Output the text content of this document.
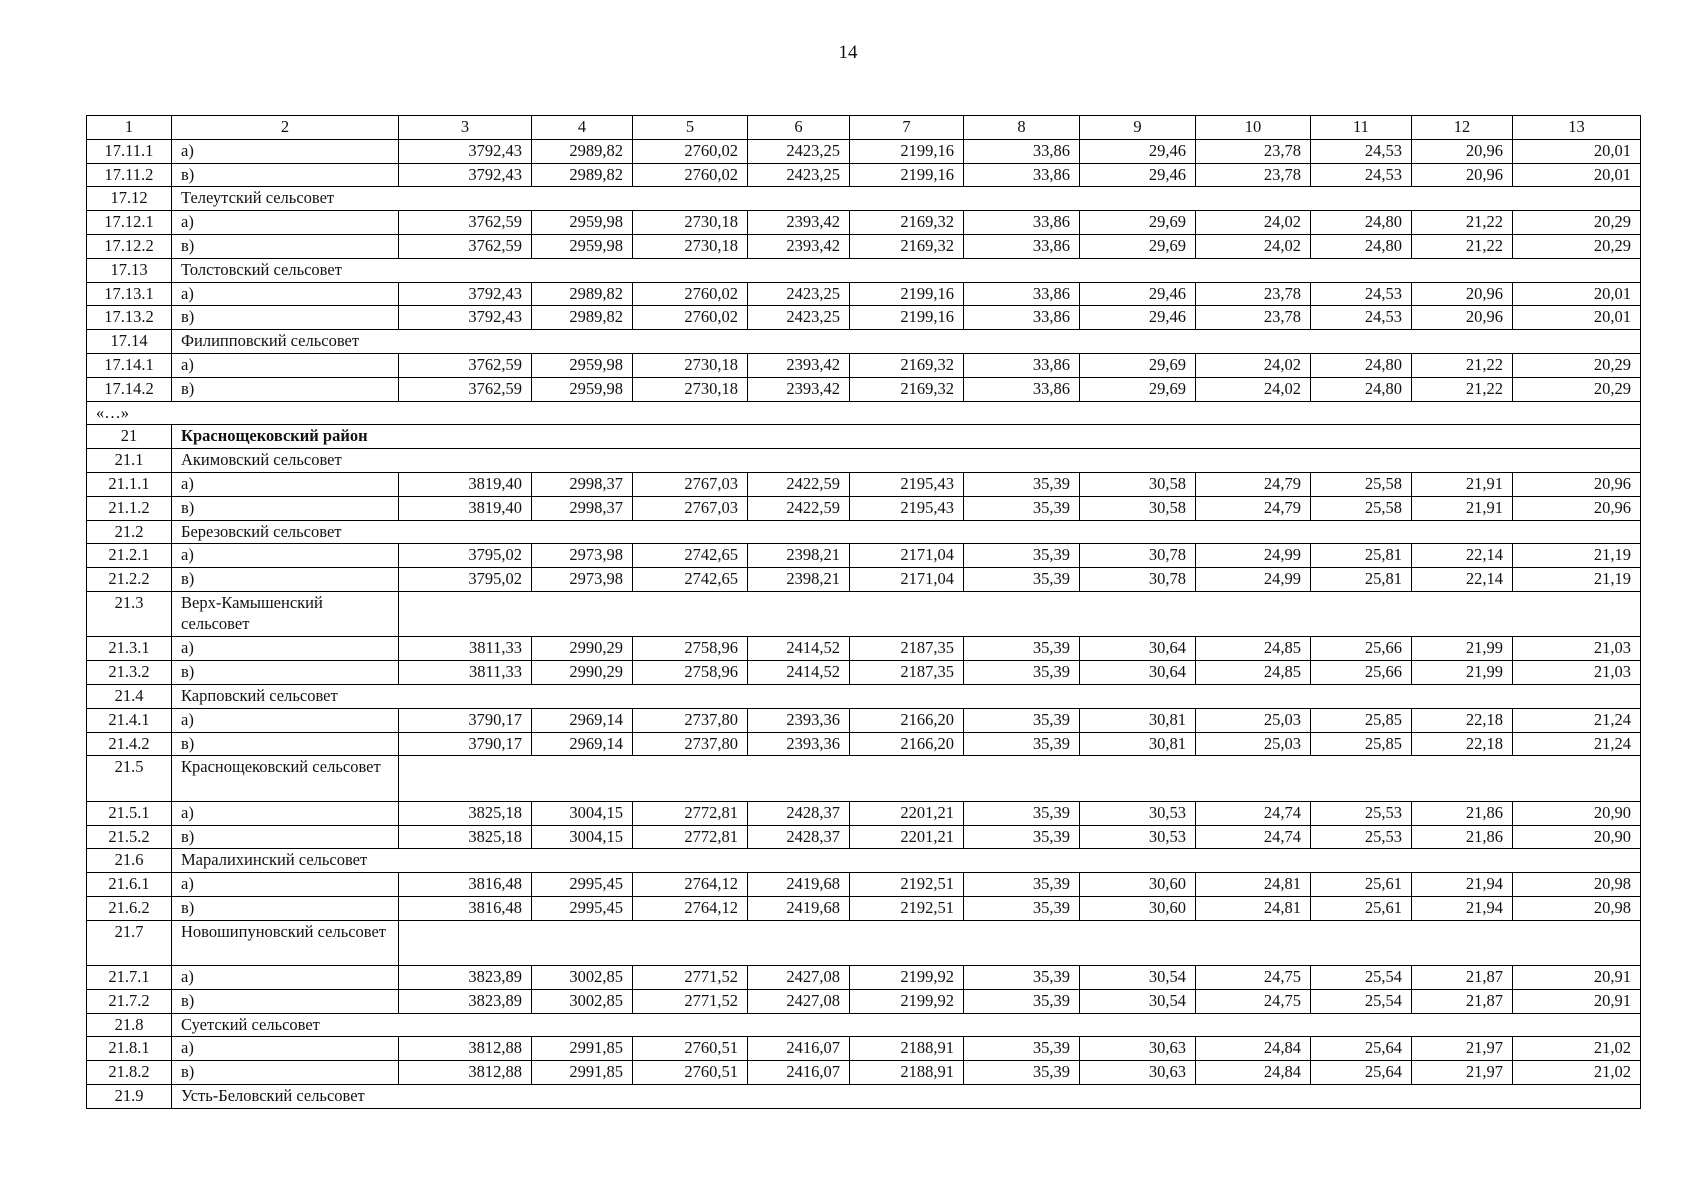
14
1	2	3	4	5	6	7	8	9	10	11	12	13
17.11.1	а)	3792,43	2989,82	2760,02	2423,25	2199,16	33,86	29,46	23,78	24,53	20,96	20,01
17.11.2	в)	3792,43	2989,82	2760,02	2423,25	2199,16	33,86	29,46	23,78	24,53	20,96	20,01
17.12	Телеутский сельсовет											
17.12.1	а)	3762,59	2959,98	2730,18	2393,42	2169,32	33,86	29,69	24,02	24,80	21,22	20,29
17.12.2	в)	3762,59	2959,98	2730,18	2393,42	2169,32	33,86	29,69	24,02	24,80	21,22	20,29
17.13	Толстовский сельсовет											
17.13.1	а)	3792,43	2989,82	2760,02	2423,25	2199,16	33,86	29,46	23,78	24,53	20,96	20,01
17.13.2	в)	3792,43	2989,82	2760,02	2423,25	2199,16	33,86	29,46	23,78	24,53	20,96	20,01
17.14	Филипповский сельсовет											
17.14.1	а)	3762,59	2959,98	2730,18	2393,42	2169,32	33,86	29,69	24,02	24,80	21,22	20,29
17.14.2	в)	3762,59	2959,98	2730,18	2393,42	2169,32	33,86	29,69	24,02	24,80	21,22	20,29
«…»												
21	Краснощековский район											
21.1	Акимовский сельсовет											
21.1.1	а)	3819,40	2998,37	2767,03	2422,59	2195,43	35,39	30,58	24,79	25,58	21,91	20,96
21.1.2	в)	3819,40	2998,37	2767,03	2422,59	2195,43	35,39	30,58	24,79	25,58	21,91	20,96
21.2	Березовский сельсовет											
21.2.1	а)	3795,02	2973,98	2742,65	2398,21	2171,04	35,39	30,78	24,99	25,81	22,14	21,19
21.2.2	в)	3795,02	2973,98	2742,65	2398,21	2171,04	35,39	30,78	24,99	25,81	22,14	21,19
21.3	Верх-Камышенский сельсовет											
21.3.1	а)	3811,33	2990,29	2758,96	2414,52	2187,35	35,39	30,64	24,85	25,66	21,99	21,03
21.3.2	в)	3811,33	2990,29	2758,96	2414,52	2187,35	35,39	30,64	24,85	25,66	21,99	21,03
21.4	Карповский сельсовет											
21.4.1	а)	3790,17	2969,14	2737,80	2393,36	2166,20	35,39	30,81	25,03	25,85	22,18	21,24
21.4.2	в)	3790,17	2969,14	2737,80	2393,36	2166,20	35,39	30,81	25,03	25,85	22,18	21,24
21.5	Краснощековский сельсовет											
21.5.1	а)	3825,18	3004,15	2772,81	2428,37	2201,21	35,39	30,53	24,74	25,53	21,86	20,90
21.5.2	в)	3825,18	3004,15	2772,81	2428,37	2201,21	35,39	30,53	24,74	25,53	21,86	20,90
21.6	Маралихинский сельсовет											
21.6.1	а)	3816,48	2995,45	2764,12	2419,68	2192,51	35,39	30,60	24,81	25,61	21,94	20,98
21.6.2	в)	3816,48	2995,45	2764,12	2419,68	2192,51	35,39	30,60	24,81	25,61	21,94	20,98
21.7	Новошипуновский сельсовет											
21.7.1	а)	3823,89	3002,85	2771,52	2427,08	2199,92	35,39	30,54	24,75	25,54	21,87	20,91
21.7.2	в)	3823,89	3002,85	2771,52	2427,08	2199,92	35,39	30,54	24,75	25,54	21,87	20,91
21.8	Суетский сельсовет											
21.8.1	а)	3812,88	2991,85	2760,51	2416,07	2188,91	35,39	30,63	24,84	25,64	21,97	21,02
21.8.2	в)	3812,88	2991,85	2760,51	2416,07	2188,91	35,39	30,63	24,84	25,64	21,97	21,02
21.9	Усть-Беловский сельсовет											
